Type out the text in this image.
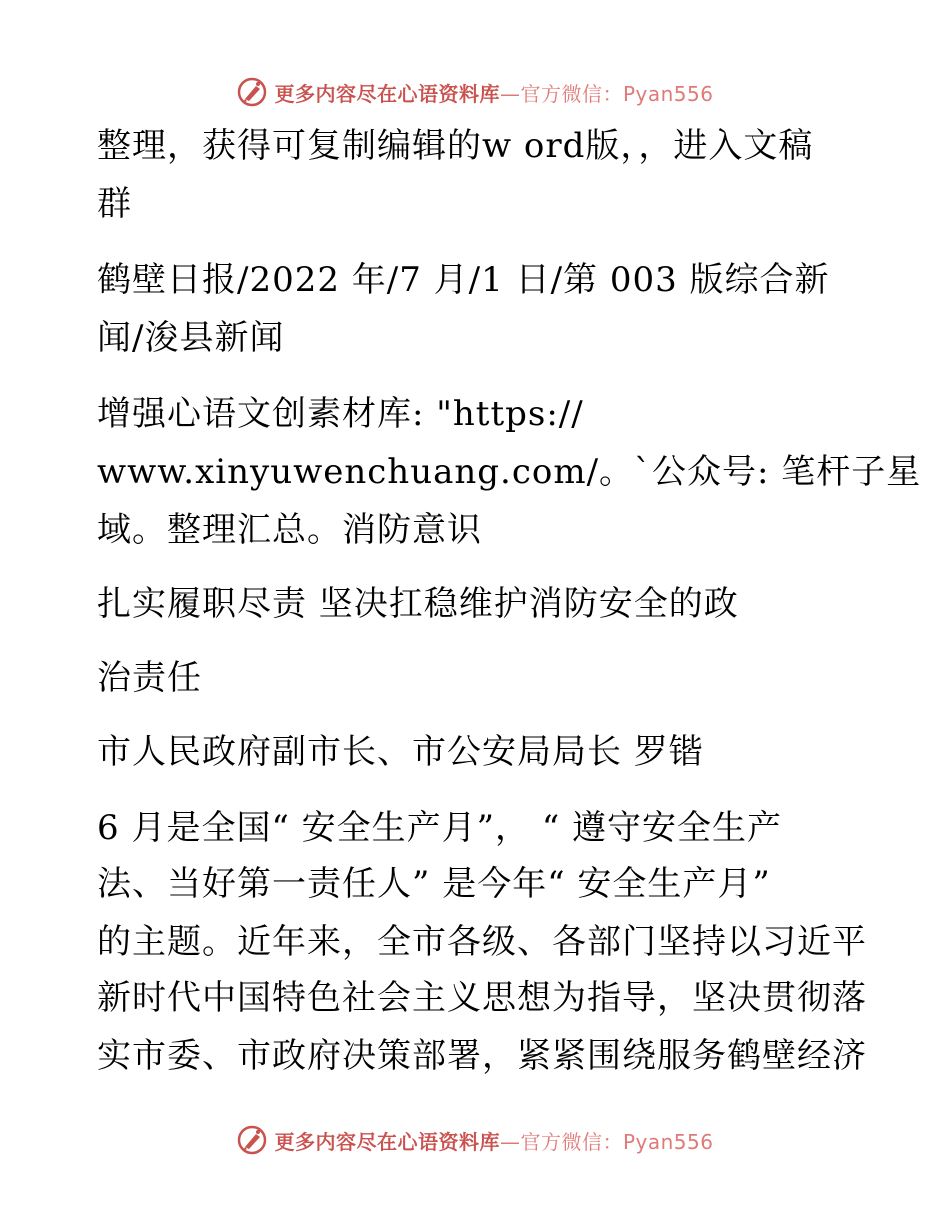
更多内容尽在心语资料库—官方微信：Pyan556
整理，获得可复制编辑的w ord版，，进入文稿
群
鹤壁日报/2022 年/7 月/1 日/第 003 版综合新
闻/浚县新闻
增强心语文创素材库: "https://
www.xinyuwenchuang.com/。`公众号: 笔杆子星
域。整理汇总。消防意识
扎实履职尽责 坚决扛稳维护消防安全的政
治责任
市人民政府副市长、市公安局局长 罗锴
6 月是全国“ 安全生产月”， “ 遵守安全生产
法、当好第一责任人” 是今年“ 安全生产月”
的主题。近年来，全市各级、各部门坚持以习近平
新时代中国特色社会主义思想为指导，坚决贯彻落
实市委、市政府决策部署，紧紧围绕服务鹤壁经济
更多内容尽在心语资料库—官方微信：Pyan556
